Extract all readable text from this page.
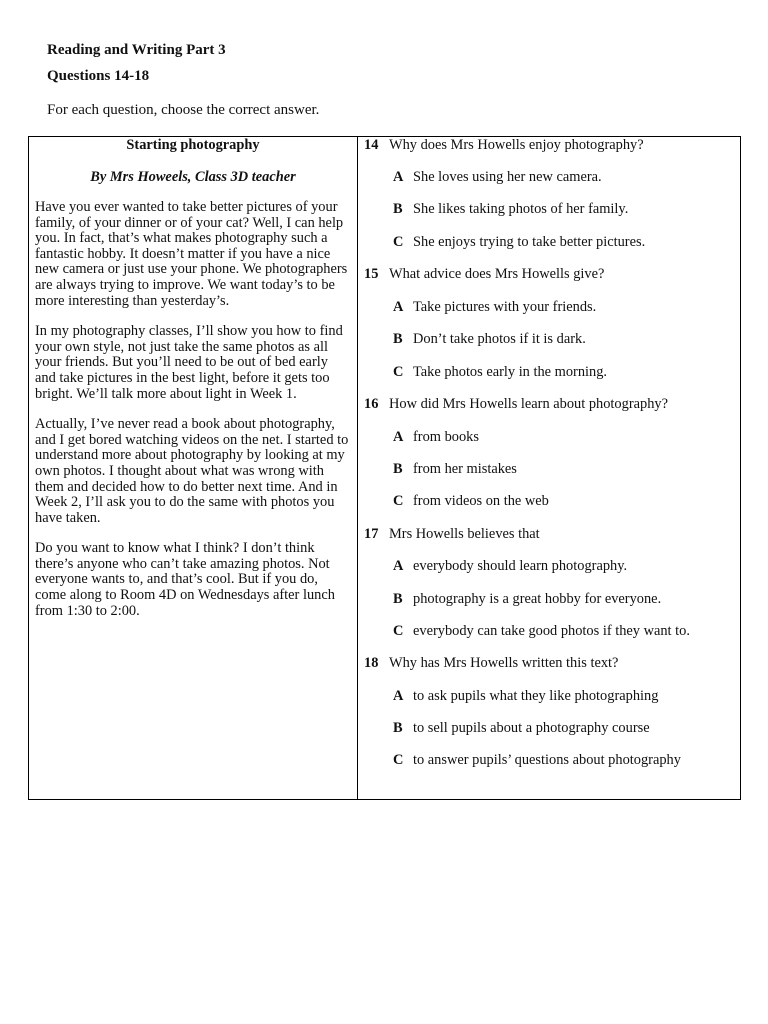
Reading and Writing Part 3

Questions 14-18

For each question, choose the correct answer.

Starting photography

By Mrs Howeels, Class 3D teacher

Have you ever wanted to take better pictures of your family, of your dinner or of your cat? Well, I can help you. In fact, that’s what makes photography such a fantastic hobby. It doesn’t matter if you have a nice new camera or just use your phone. We photographers are always trying to improve. We want today’s to be more interesting than yesterday’s.

In my photography classes, I’ll show you how to find your own style, not just take the same photos as all your friends. But you’ll need to be out of bed early and take pictures in the best light, before it gets too bright. We’ll talk more about light in Week 1.

Actually, I’ve never read a book about photography, and I get bored watching videos on the net. I started to understand more about photography by looking at my own photos. I thought about what was wrong with them and decided how to do better next time. And in Week 2, I’ll ask you to do the same with photos you have taken.

Do you want to know what I think? I don’t think there’s anyone who can’t take amazing photos. Not everyone wants to, and that’s cool. But if you do, come along to Room 4D on Wednesdays after lunch from 1:30 to 2:00.

14 Why does Mrs Howells enjoy photography?
A She loves using her new camera.
B She likes taking photos of her family.
C She enjoys trying to take better pictures.
15 What advice does Mrs Howells give?
A Take pictures with your friends.
B Don’t take photos if it is dark.
C Take photos early in the morning.
16 How did Mrs Howells learn about photography?
A from books
B from her mistakes
C from videos on the web
17 Mrs Howells believes that
A everybody should learn photography.
B photography is a great hobby for everyone.
C everybody can take good photos if they want to.
18 Why has Mrs Howells written this text?
A to ask pupils what they like photographing
B to sell pupils about a photography course
C to answer pupils’ questions about photography
